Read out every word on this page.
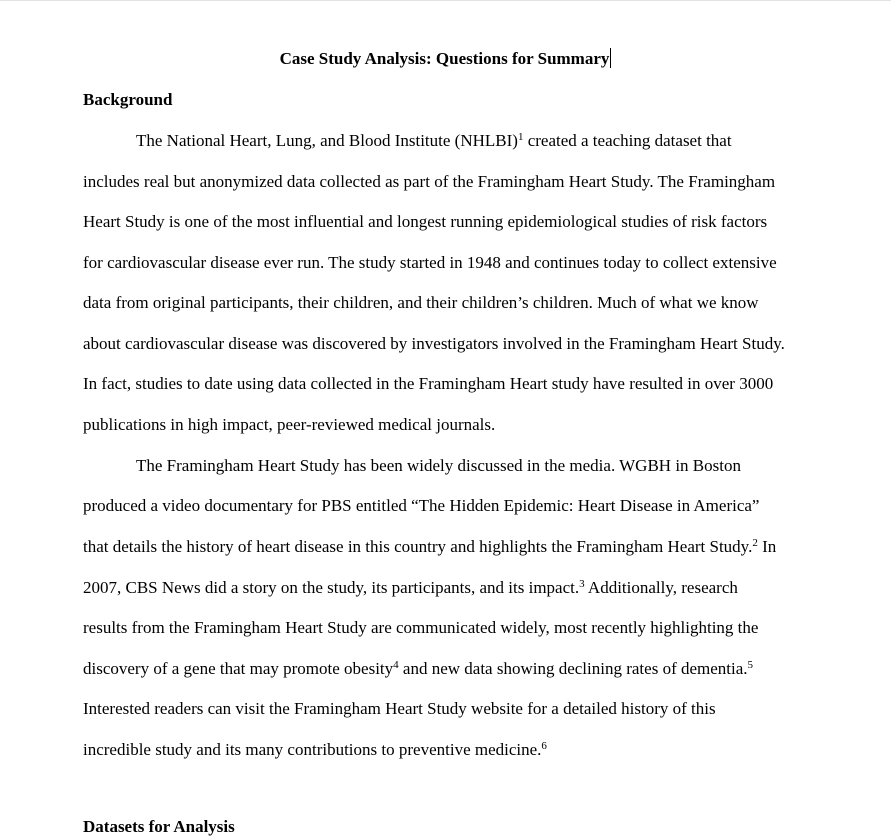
Case Study Analysis: Questions for Summary
Background
The National Heart, Lung, and Blood Institute (NHLBI)$^1$ created a teaching dataset that
includes real but anonymized data collected as part of the Framingham Heart Study. The Framingham
Heart Study is one of the most influential and longest running epidemiological studies of risk factors
for cardiovascular disease ever run. The study started in 1948 and continues today to collect extensive
data from original participants, their children, and their children’s children. Much of what we know
about cardiovascular disease was discovered by investigators involved in the Framingham Heart Study.
In fact, studies to date using data collected in the Framingham Heart study have resulted in over 3000
publications in high impact, peer-reviewed medical journals.
The Framingham Heart Study has been widely discussed in the media. WGBH in Boston
produced a video documentary for PBS entitled “The Hidden Epidemic: Heart Disease in America”
that details the history of heart disease in this country and highlights the Framingham Heart Study.$^2$ In
2007, CBS News did a story on the study, its participants, and its impact.$^3$ Additionally, research
results from the Framingham Heart Study are communicated widely, most recently highlighting the
discovery of a gene that may promote obesity$^4$ and new data showing declining rates of dementia.$^5$
Interested readers can visit the Framingham Heart Study website for a detailed history of this
incredible study and its many contributions to preventive medicine.$^6$
Datasets for Analysis
